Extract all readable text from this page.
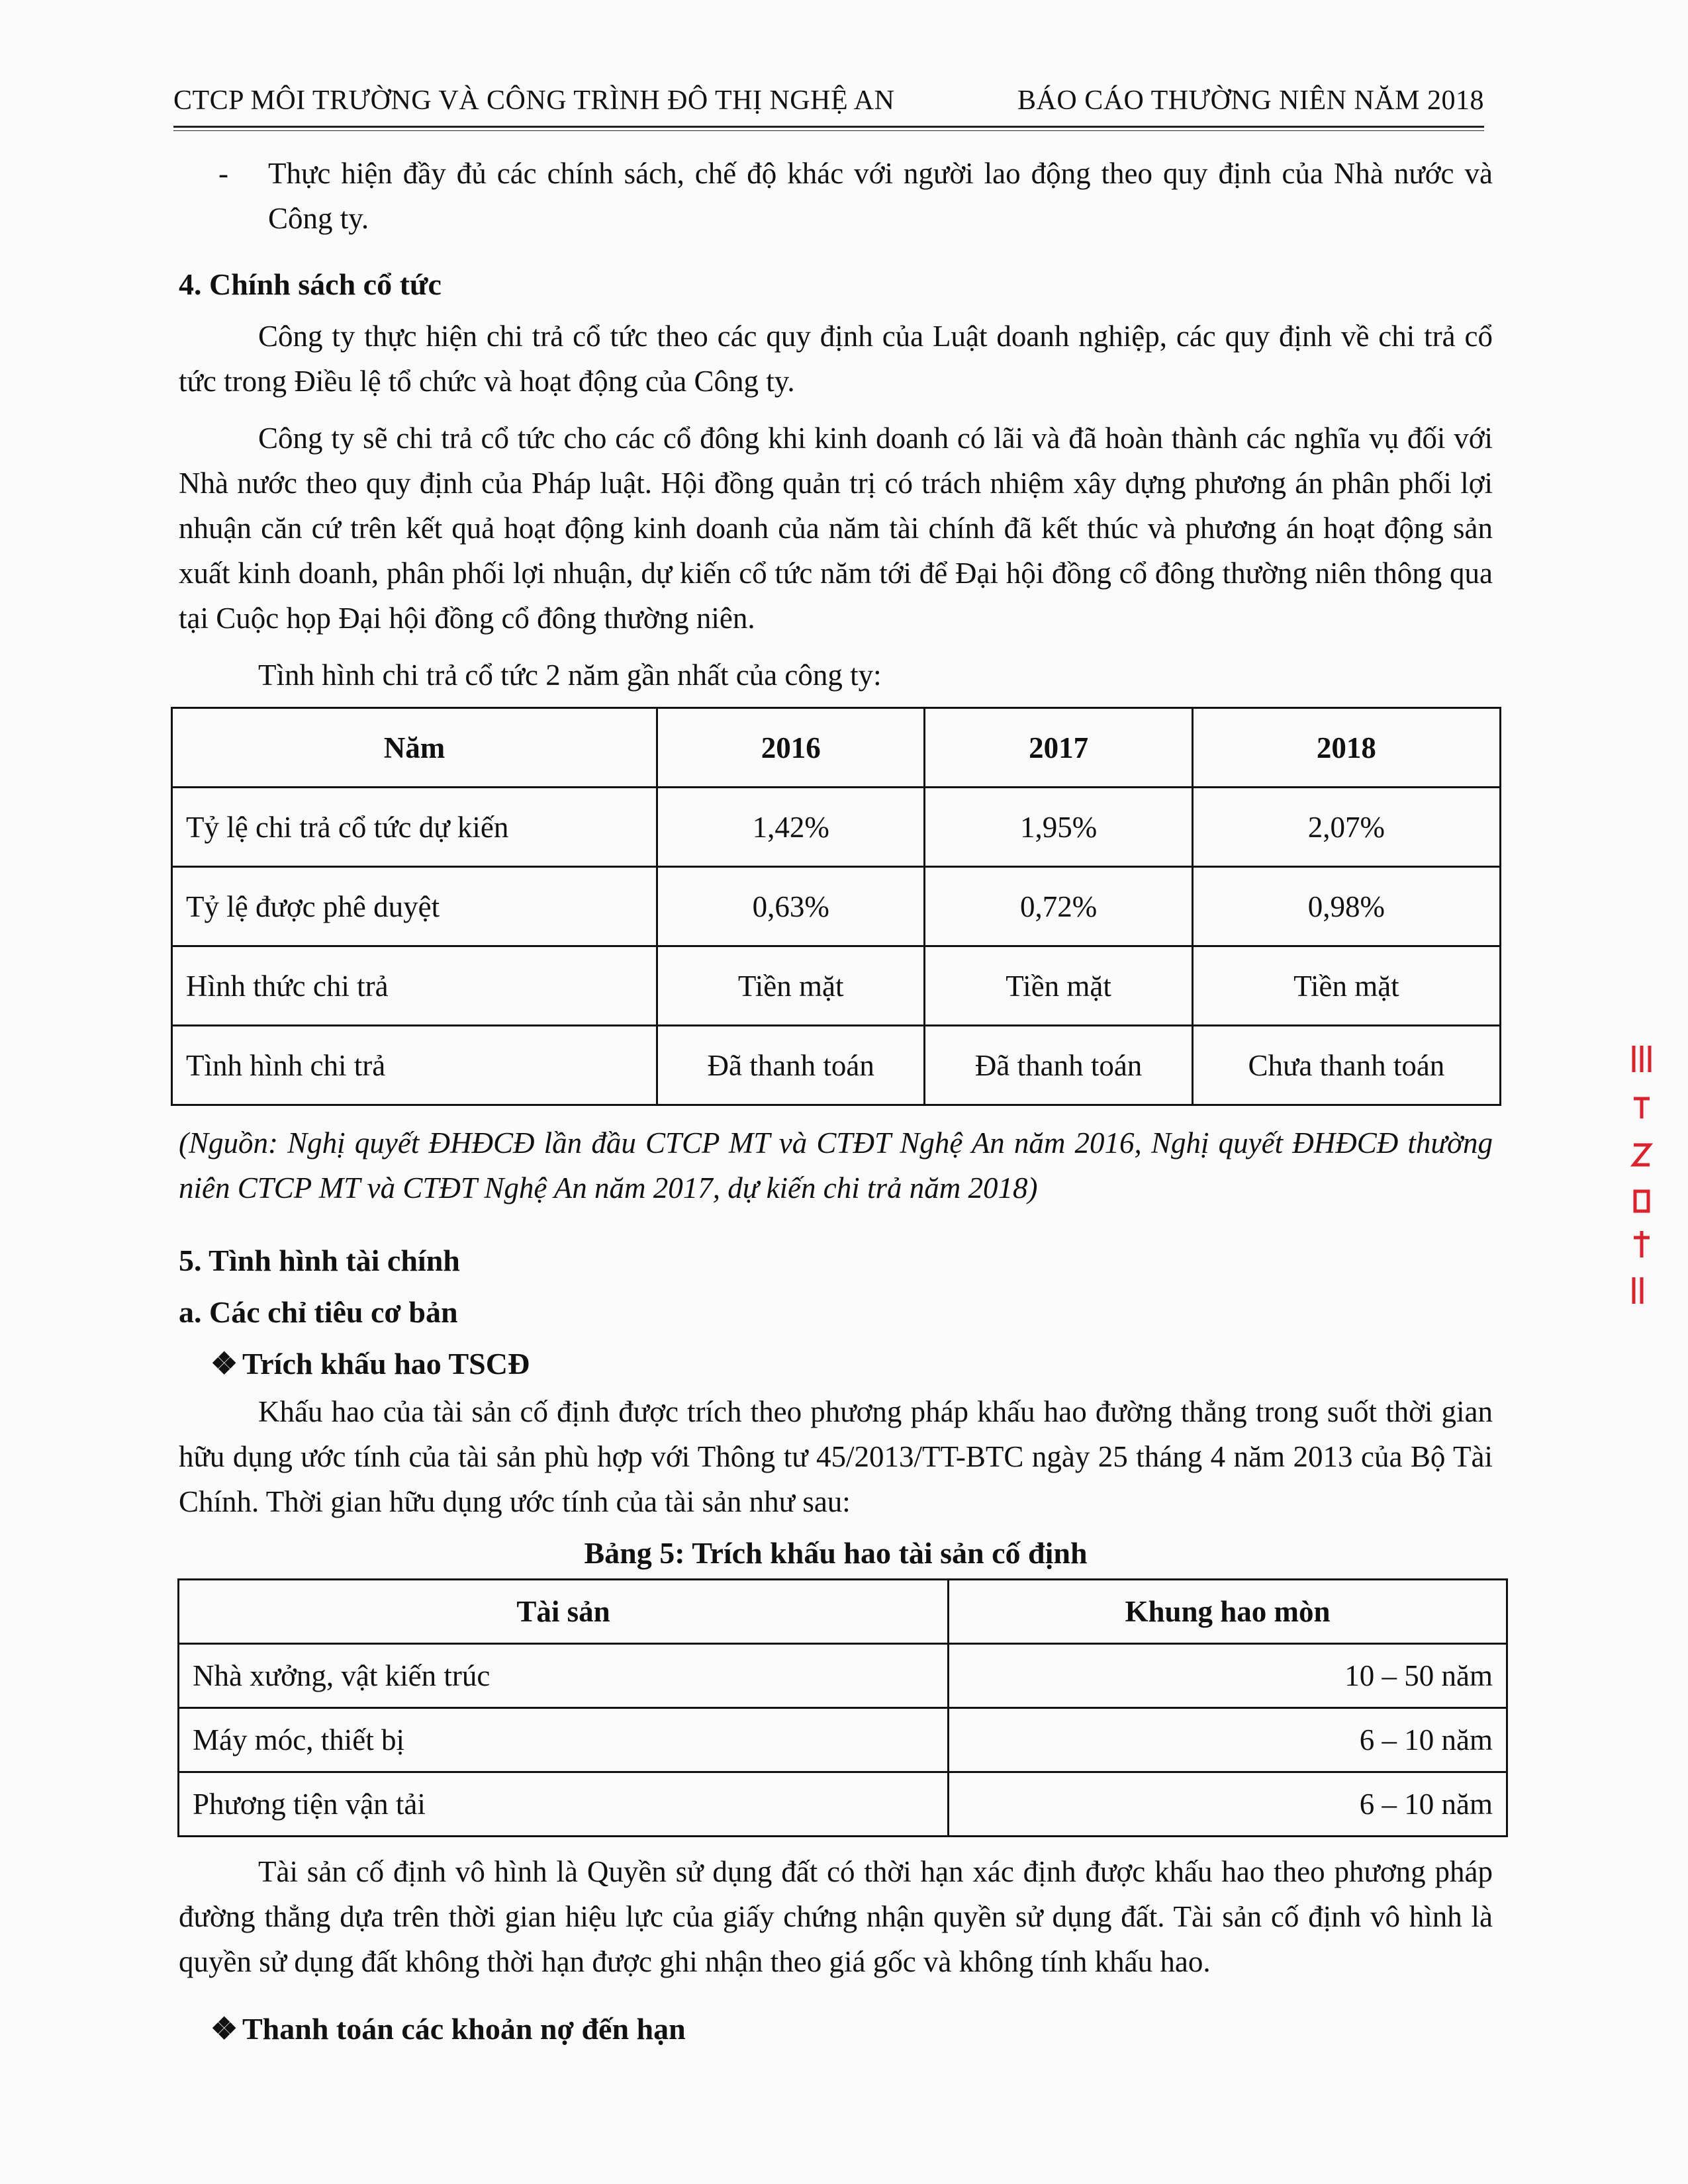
CTCP MÔI TRƯỜNG VÀ CÔNG TRÌNH ĐÔ THỊ NGHỆ AN	BÁO CÁO THƯỜNG NIÊN NĂM 2018
-	Thực hiện đầy đủ các chính sách, chế độ khác với người lao động theo quy định của Nhà nước và Công ty.

4. Chính sách cổ tức

Công ty thực hiện chi trả cổ tức theo các quy định của Luật doanh nghiệp, các quy định về chi trả cổ tức trong Điều lệ tổ chức và hoạt động của Công ty.

Công ty sẽ chi trả cổ tức cho các cổ đông khi kinh doanh có lãi và đã hoàn thành các nghĩa vụ đối với Nhà nước theo quy định của Pháp luật. Hội đồng quản trị có trách nhiệm xây dựng phương án phân phối lợi nhuận căn cứ trên kết quả hoạt động kinh doanh của năm tài chính đã kết thúc và phương án hoạt động sản xuất kinh doanh, phân phối lợi nhuận, dự kiến cổ tức năm tới để Đại hội đồng cổ đông thường niên thông qua tại Cuộc họp Đại hội đồng cổ đông thường niên.

Tình hình chi trả cổ tức 2 năm gần nhất của công ty:

Năm	2016	2017	2018
Tỷ lệ chi trả cổ tức dự kiến	1,42%	1,95%	2,07%
Tỷ lệ được phê duyệt	0,63%	0,72%	0,98%
Hình thức chi trả	Tiền mặt	Tiền mặt	Tiền mặt
Tình hình chi trả	Đã thanh toán	Đã thanh toán	Chưa thanh toán

(Nguồn: Nghị quyết ĐHĐCĐ lần đầu CTCP MT và CTĐT Nghệ An năm 2016, Nghị quyết ĐHĐCĐ thường niên CTCP MT và CTĐT Nghệ An năm 2017, dự kiến chi trả năm 2018)

5. Tình hình tài chính
a. Các chỉ tiêu cơ bản
❖ Trích khấu hao TSCĐ

Khấu hao của tài sản cố định được trích theo phương pháp khấu hao đường thẳng trong suốt thời gian hữu dụng ước tính của tài sản phù hợp với Thông tư 45/2013/TT-BTC ngày 25 tháng 4 năm 2013 của Bộ Tài Chính. Thời gian hữu dụng ước tính của tài sản như sau:

Bảng 5: Trích khấu hao tài sản cố định
Tài sản	Khung hao mòn
Nhà xưởng, vật kiến trúc	10 – 50 năm
Máy móc, thiết bị	6 – 10 năm
Phương tiện vận tải	6 – 10 năm

Tài sản cố định vô hình là Quyền sử dụng đất có thời hạn xác định được khấu hao theo phương pháp đường thẳng dựa trên thời gian hiệu lực của giấy chứng nhận quyền sử dụng đất. Tài sản cố định vô hình là quyền sử dụng đất không thời hạn được ghi nhận theo giá gốc và không tính khấu hao.

❖ Thanh toán các khoản nợ đến hạn
